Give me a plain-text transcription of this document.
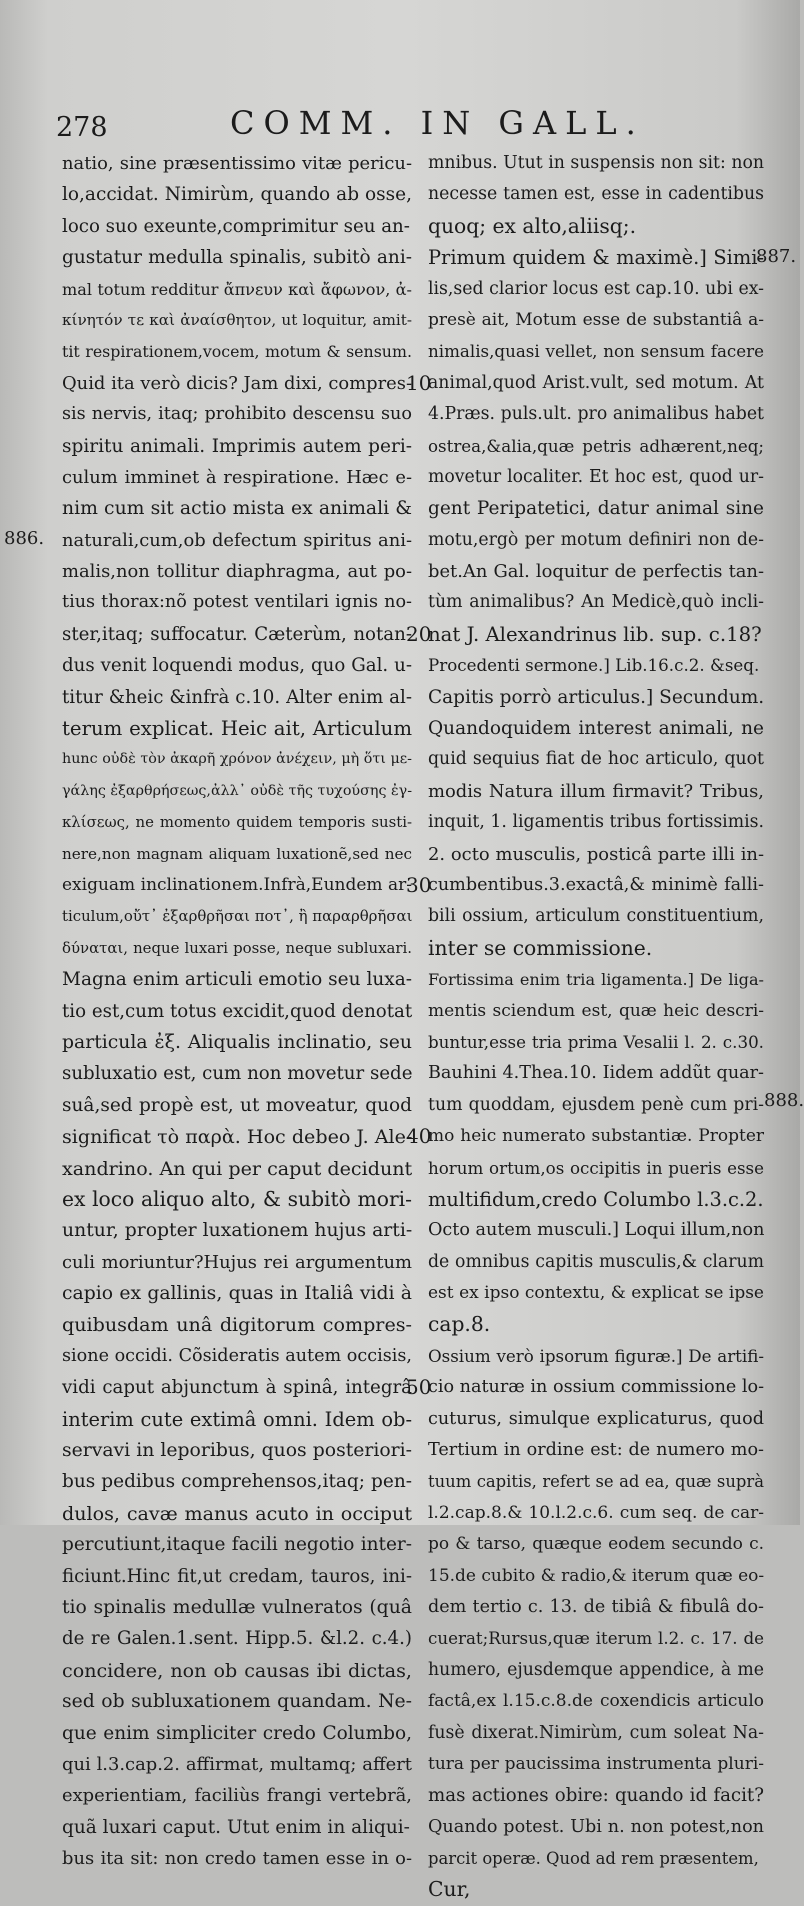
278	COMM. IN GALL.
natio, sine præsentissimo vitæ pericu-
lo,accidat. Nimirùm, quando ab osse,
loco suo exeunte,comprimitur seu an-
gustatur medulla spinalis, subitò ani-
mal totum redditur ἄπνευν καὶ ἄφωνον, ἀ-
κίνητόν τε καὶ ἀναίσθητον, ut loquitur, amit-
tit respirationem,vocem, motum & sensum.
Quid ita verò dicis? Jam dixi, compres-
sis nervis, itaq; prohibito descensu suo
spiritu animali. Imprimis autem peri-
culum imminet à respiratione. Hæc e-
nim cum sit actio mista ex animali &
naturali,cum,ob defectum spiritus ani-
malis,non tollitur diaphragma, aut po-
tius thorax:nõ potest ventilari ignis no-
ster,itaq; suffocatur. Cæterùm, notan-
dus venit loquendi modus, quo Gal. u-
titur &heic &infrà c.10. Alter enim al-
terum explicat. Heic ait, Articulum
hunc οὐδὲ τὸν ἀκαρῆ χρόνον ἀνέχειν, μὴ ὅτι με-
γάλης ἐξαρθρήσεως,ἀλλ᾽ οὐδὲ τῆς τυχούσης ἐγ-
κλίσεως, ne momento quidem temporis susti-
nere,non magnam aliquam luxationẽ,sed nec
exiguam inclinationem.Infrà,Eundem ar-
ticulum,οὔτ᾽ ἐξαρθρῆσαι ποτ᾽, ἢ παραρθρῆσαι
δύναται, neque luxari posse, neque subluxari.
Magna enim articuli emotio seu luxa-
tio est,cum totus excidit,quod denotat
particula ἐξ. Aliqualis inclinatio, seu
subluxatio est, cum non movetur sede
suâ,sed propè est, ut moveatur, quod
significat τὸ παρὰ. Hoc debeo J. Ale-
xandrino. An qui per caput decidunt
ex loco aliquo alto, & subitò mori-
untur, propter luxationem hujus arti-
culi moriuntur?Hujus rei argumentum
capio ex gallinis, quas in Italiâ vidi à
quibusdam unâ digitorum compres-
sione occidi. Cõsideratis autem occisis,
vidi caput abjunctum à spinâ, integrâ
interim cute extimâ omni. Idem ob-
servavi in leporibus, quos posteriori-
bus pedibus comprehensos,itaq; pen-
dulos, cavæ manus acuto in occiput
percutiunt,itaque facili negotio inter-
ficiunt.Hinc fit,ut credam, tauros, ini-
tio spinalis medullæ vulneratos (quâ
de re Galen.1.sent. Hipp.5. &l.2. c.4.)
concidere, non ob causas ibi dictas,
sed ob subluxationem quandam. Ne-
que enim simpliciter credo Columbo,
qui l.3.cap.2. affirmat, multamq; affert
experientiam, faciliùs frangi vertebrã,
quã luxari caput. Utut enim in aliqui-
bus ita sit: non credo tamen esse in o-
mnibus. Utut in suspensis non sit: non
necesse tamen est, esse in cadentibus
quoq; ex alto,aliisq;.
Primum quidem & maximè.] Simi-
lis,sed clarior locus est cap.10. ubi ex-
presè ait, Motum esse de substantiâ a-
nimalis,quasi vellet, non sensum facere
animal,quod Arist.vult, sed motum. At
4.Præs. puls.ult. pro animalibus habet
ostrea,&alia,quæ petris adhærent,neq;
movetur localiter. Et hoc est, quod ur-
gent Peripatetici, datur animal sine
motu,ergò per motum definiri non de-
bet.An Gal. loquitur de perfectis tan-
tùm animalibus? An Medicè,quò incli-
nat J. Alexandrinus lib. sup. c.18?
Procedenti sermone.] Lib.16.c.2. &seq.
Capitis porrò articulus.] Secundum.
Quandoquidem interest animali, ne
quid sequius fiat de hoc articulo, quot
modis Natura illum firmavit? Tribus,
inquit, 1. ligamentis tribus fortissimis.
2. octo musculis, posticâ parte illi in-
cumbentibus.3.exactâ,& minimè falli-
bili ossium, articulum constituentium,
inter se commissione.
Fortissima enim tria ligamenta.] De liga-
mentis sciendum est, quæ heic descri-
buntur,esse tria prima Vesalii l. 2. c.30.
Bauhini 4.Thea.10. Iidem addũt quar-
tum quoddam, ejusdem penè cum pri-
mo heic numerato substantiæ. Propter
horum ortum,os occipitis in pueris esse
multifidum,credo Columbo l.3.c.2.
Octo autem musculi.] Loqui illum,non
de omnibus capitis musculis,& clarum
est ex ipso contextu, & explicat se ipse
cap.8.
Ossium verò ipsorum figuræ.] De artifi-
cio naturæ in ossium commissione lo-
cuturus, simulque explicaturus, quod
Tertium in ordine est: de numero mo-
tuum capitis, refert se ad ea, quæ suprà
l.2.cap.8.& 10.l.2.c.6. cum seq. de car-
po & tarso, quæque eodem secundo c.
15.de cubito & radio,& iterum quæ eo-
dem tertio c. 13. de tibiâ & fibulâ do-
cuerat;Rursus,quæ iterum l.2. c. 17. de
humero, ejusdemque appendice, à me
factâ,ex l.15.c.8.de coxendicis articulo
fusè dixerat.Nimirùm, cum soleat Na-
tura per paucissima instrumenta pluri-
mas actiones obire: quando id facit?
Quando potest. Ubi n. non potest,non
parcit operæ. Quod ad rem præsentem,
Cur,
10
20
30
40
50
887.
886.
888.
